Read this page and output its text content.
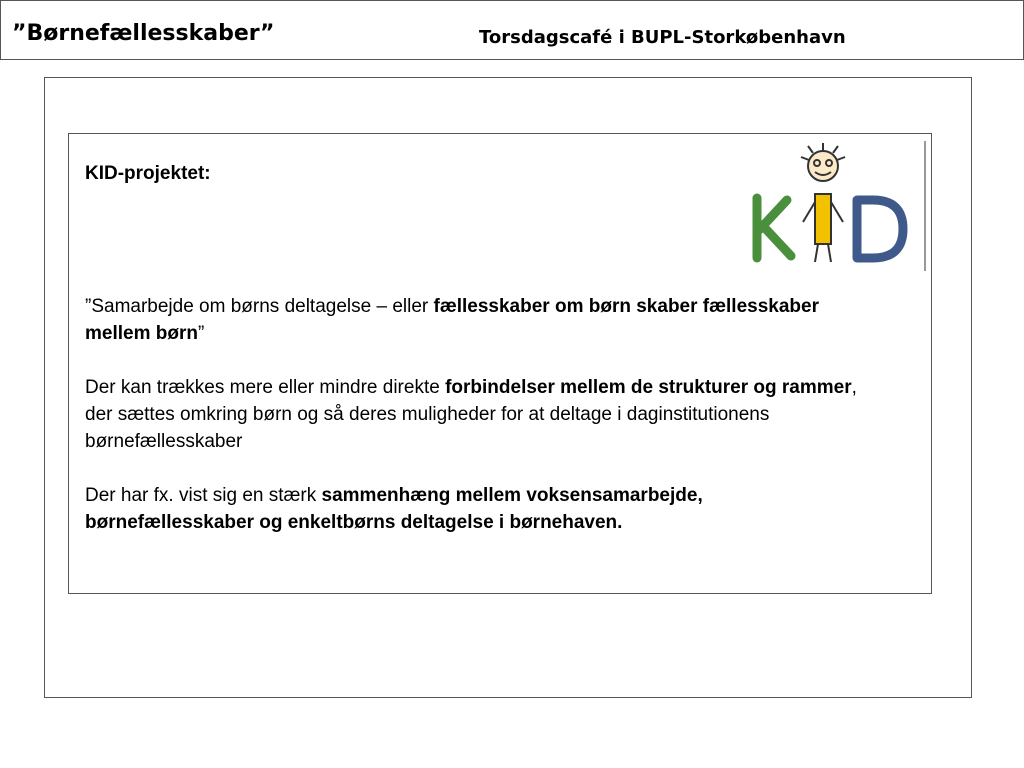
”Børnefællesskaber”	Torsdagscafé i BUPL-Storkøbenhavn

KID-projektet:

”Samarbejde om børns deltagelse – eller fællesskaber om børn skaber fællesskaber mellem børn”

Der kan trækkes mere eller mindre direkte forbindelser mellem de strukturer og rammer, der sættes omkring børn og så deres muligheder for at deltage i daginstitutionens børnefællesskaber

Der har fx. vist sig en stærk sammenhæng mellem voksensamarbejde, børnefællesskaber og enkeltbørns deltagelse i børnehaven.
